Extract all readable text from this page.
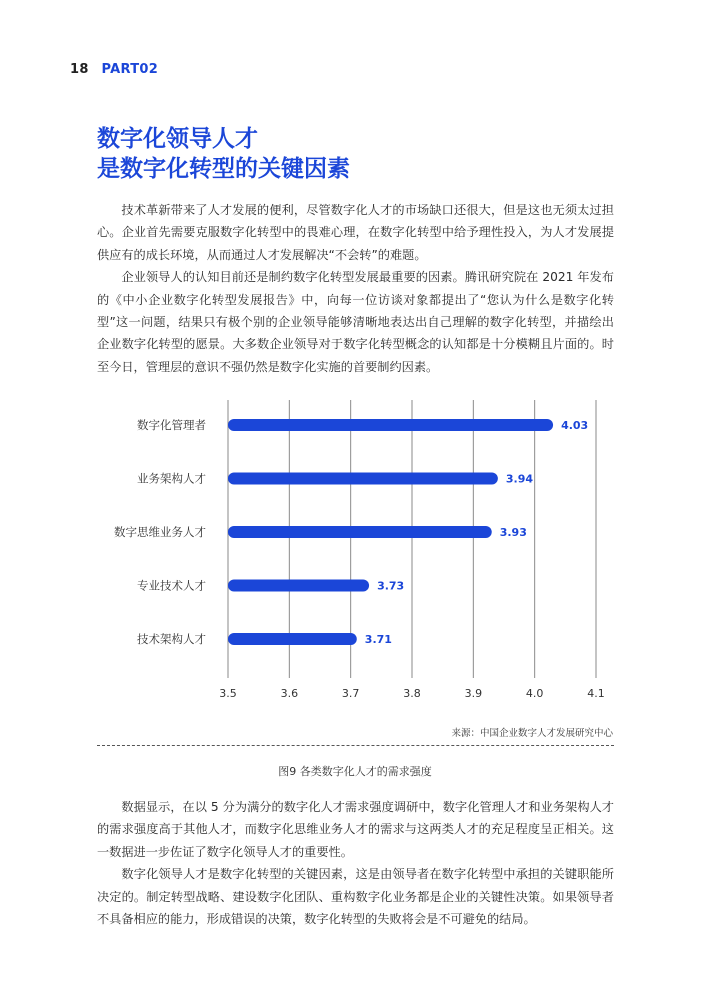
18 PART02
数字化领导人才
是数字化转型的关键因素

技术革新带来了人才发展的便利，尽管数字化人才的市场缺口还很大，但是这也无须太过担心。企业首先需要克服数字化转型中的畏难心理，在数字化转型中给予理性投入，为人才发展提供应有的成长环境，从而通过人才发展解决“不会转”的难题。

企业领导人的认知目前还是制约数字化转型发展最重要的因素。腾讯研究院在 2021 年发布的《中小企业数字化转型发展报告》中，向每一位访谈对象都提出了“您认为什么是数字化转型”这一问题，结果只有极个别的企业领导能够清晰地表达出自己理解的数字化转型，并描绘出企业数字化转型的愿景。大多数企业领导对于数字化转型概念的认知都是十分模糊且片面的。时至今日，管理层的意识不强仍然是数字化实施的首要制约因素。

3.5	3.6	3.7	3.8	3.9	4.0	4.1
数字化管理者	4.03
业务架构人才	3.94
数字思维业务人才	3.93
专业技术人才	3.73
技术架构人才	3.71
来源：中国企业数字人才发展研究中心
图9 各类数字化人才的需求强度

数据显示，在以 5 分为满分的数字化人才需求强度调研中，数字化管理人才和业务架构人才的需求强度高于其他人才，而数字化思维业务人才的需求与这两类人才的充足程度呈正相关。这一数据进一步佐证了数字化领导人才的重要性。

数字化领导人才是数字化转型的关键因素，这是由领导者在数字化转型中承担的关键职能所决定的。制定转型战略、建设数字化团队、重构数字化业务都是企业的关键性决策。如果领导者不具备相应的能力，形成错误的决策，数字化转型的失败将会是不可避免的结局。
